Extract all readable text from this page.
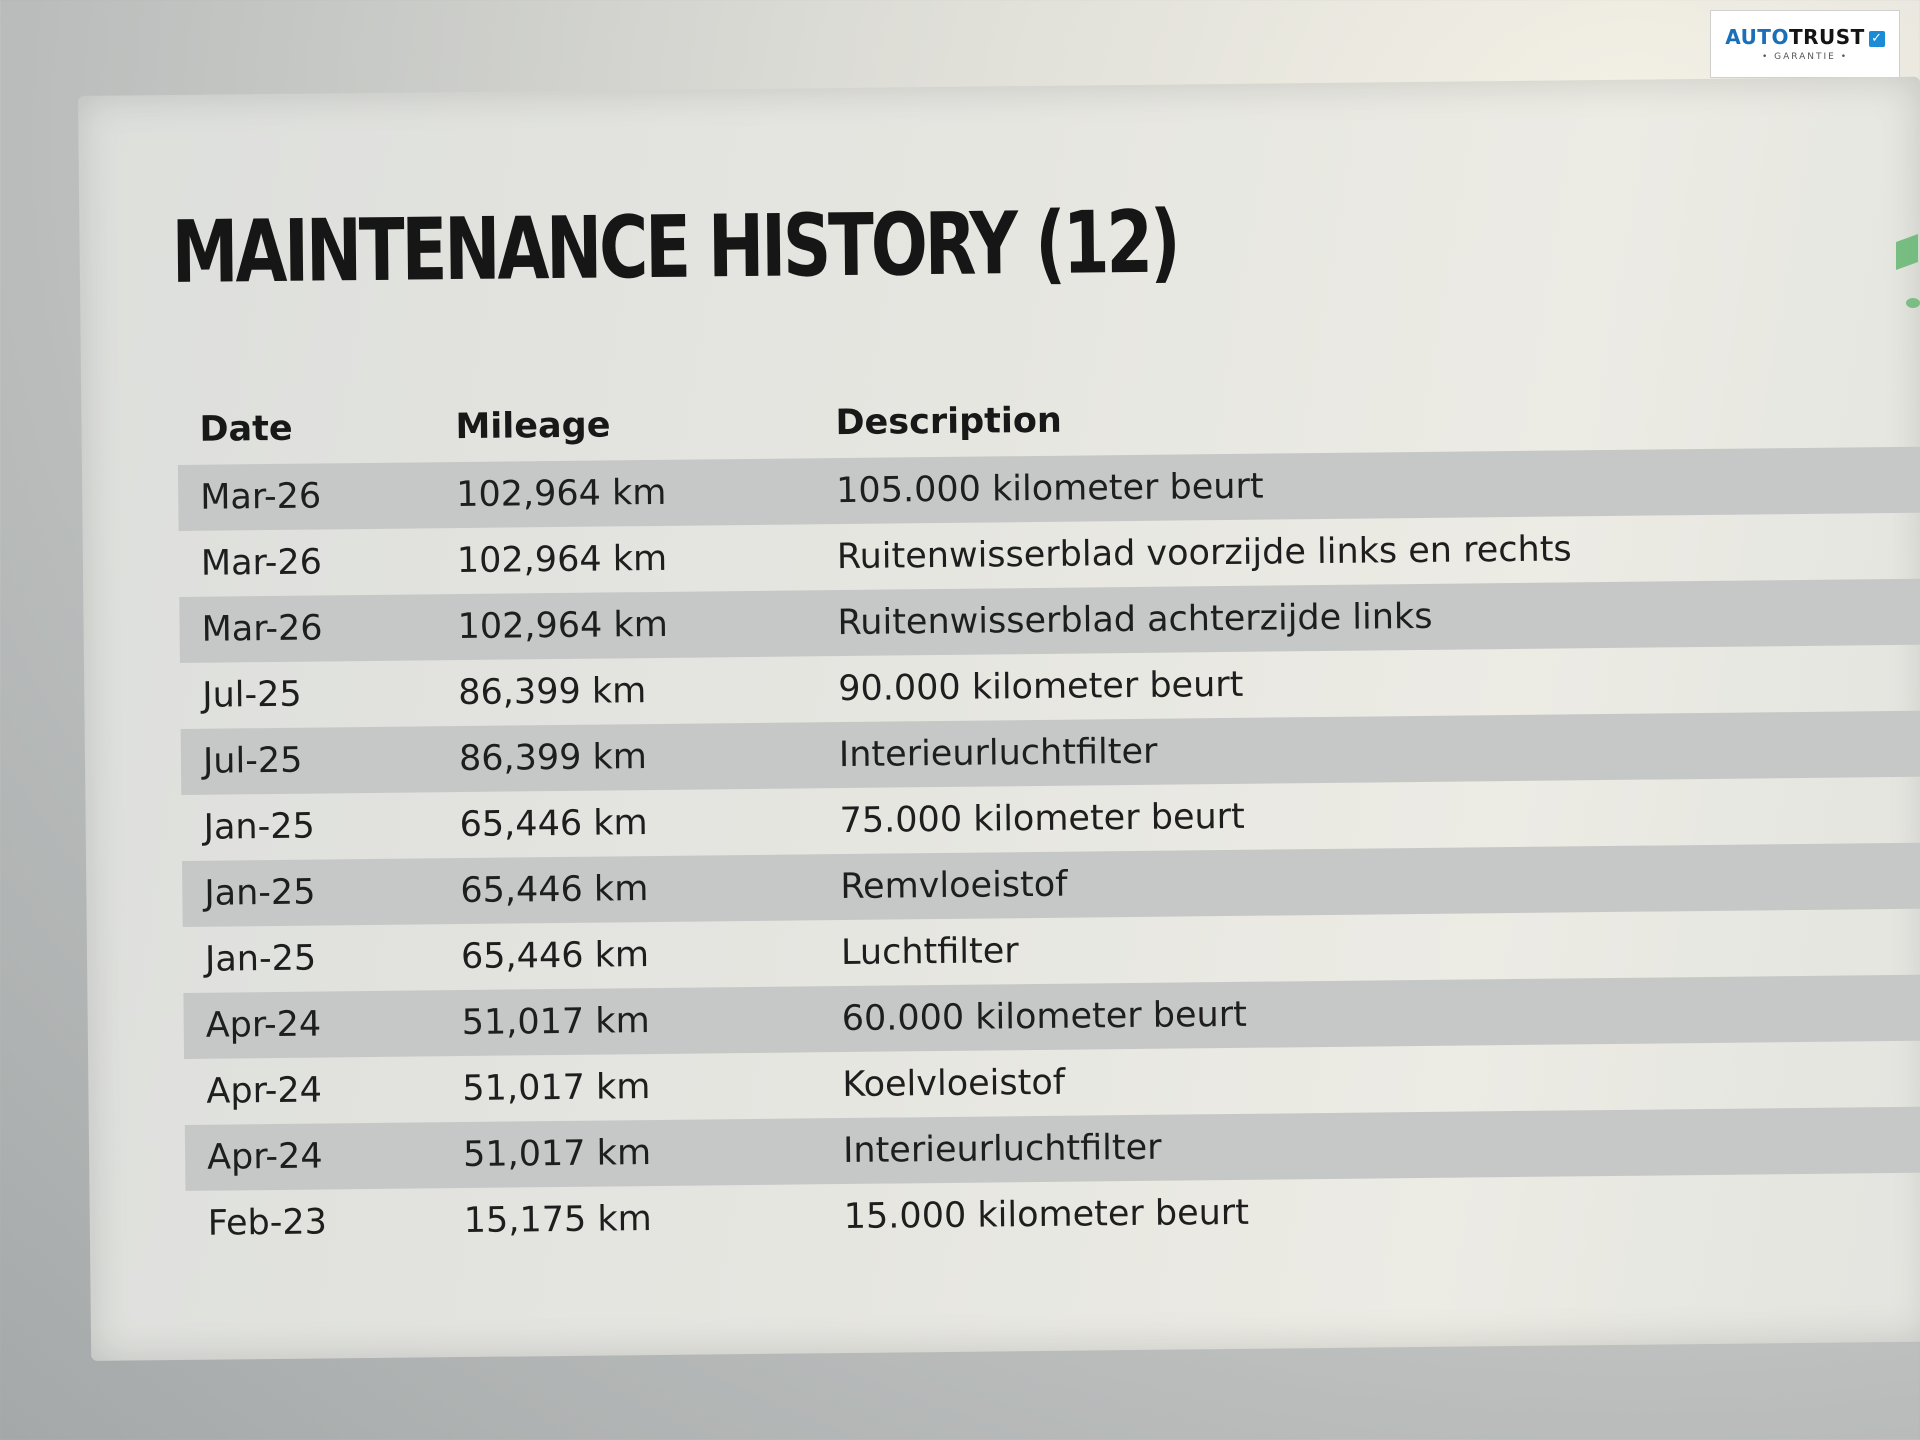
AUTOTRUST ✓
• GARANTIE •
MAINTENANCE HISTORY (12)
Date	Mileage	Description
Mar-26	102,964 km	105.000 kilometer beurt
Mar-26	102,964 km	Ruitenwisserblad voorzijde links en rechts
Mar-26	102,964 km	Ruitenwisserblad achterzijde links
Jul-25	86,399 km	90.000 kilometer beurt
Jul-25	86,399 km	Interieurluchtfilter
Jan-25	65,446 km	75.000 kilometer beurt
Jan-25	65,446 km	Remvloeistof
Jan-25	65,446 km	Luchtfilter
Apr-24	51,017 km	60.000 kilometer beurt
Apr-24	51,017 km	Koelvloeistof
Apr-24	51,017 km	Interieurluchtfilter
Feb-23	15,175 km	15.000 kilometer beurt
